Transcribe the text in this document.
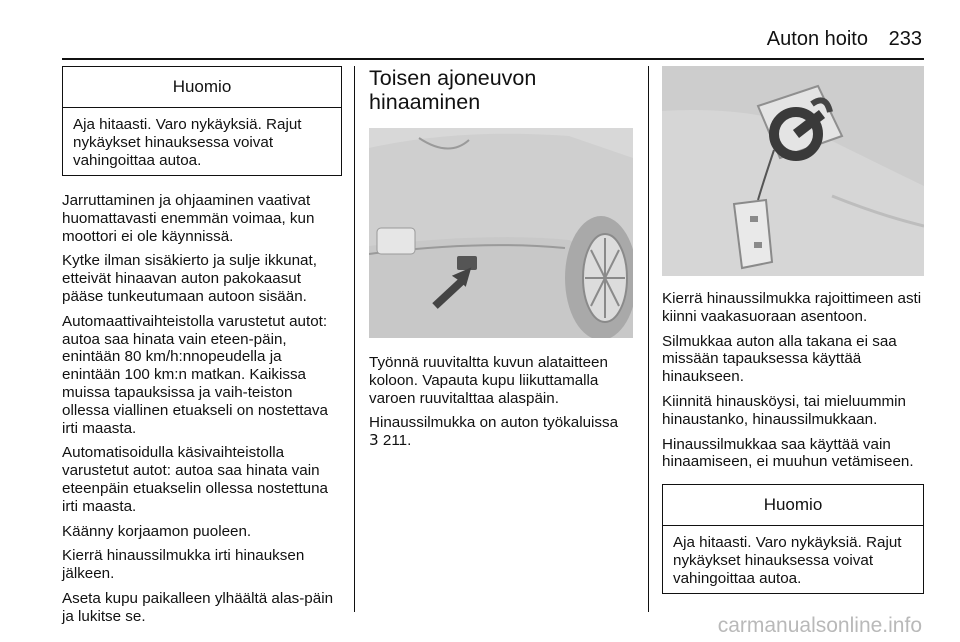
Auton hoito 233
Huomio
Aja hitaasti. Varo nykäyksiä. Rajut nykäykset hinauksessa voivat vahingoittaa autoa.

Jarruttaminen ja ohjaaminen vaativat huomattavasti enemmän voimaa, kun moottori ei ole käynnissä.

Kytke ilman sisäkierto ja sulje ikkunat, etteivät hinaavan auton pakokaasut pääse tunkeutumaan autoon sisään.

Automaattivaihteistolla varustetut autot: autoa saa hinata vain eteen-päin, enintään 80 km/h:nnopeudella ja enintään 100 km:n matkan. Kaikissa muissa tapauksissa ja vaih-teiston ollessa viallinen etuakseli on nostettava irti maasta.

Automatisoidulla käsivaihteistolla varustetut autot: autoa saa hinata vain eteenpäin etuakselin ollessa nostettuna irti maasta.

Käänny korjaamon puoleen.

Kierrä hinaussilmukka irti hinauksen jälkeen.

Aseta kupu paikalleen ylhäältä alas-päin ja lukitse se.

Toisen ajoneuvon hinaaminen

Työnnä ruuvitaltta kuvun alataitteen koloon. Vapauta kupu liikuttamalla varoen ruuvitalttaa alaspäin.

Hinaussilmukka on auton työkaluissa
3 211.

Kierrä hinaussilmukka rajoittimeen asti kiinni vaakasuoraan asentoon.

Silmukkaa auton alla takana ei saa missään tapauksessa käyttää hinaukseen.

Kiinnitä hinausköysi, tai mieluummin hinaustanko, hinaussilmukkaan.

Hinaussilmukkaa saa käyttää vain hinaamiseen, ei muuhun vetämiseen.

Huomio
Aja hitaasti. Varo nykäyksiä. Rajut nykäykset hinauksessa voivat vahingoittaa autoa.
carmanualsonline.info
